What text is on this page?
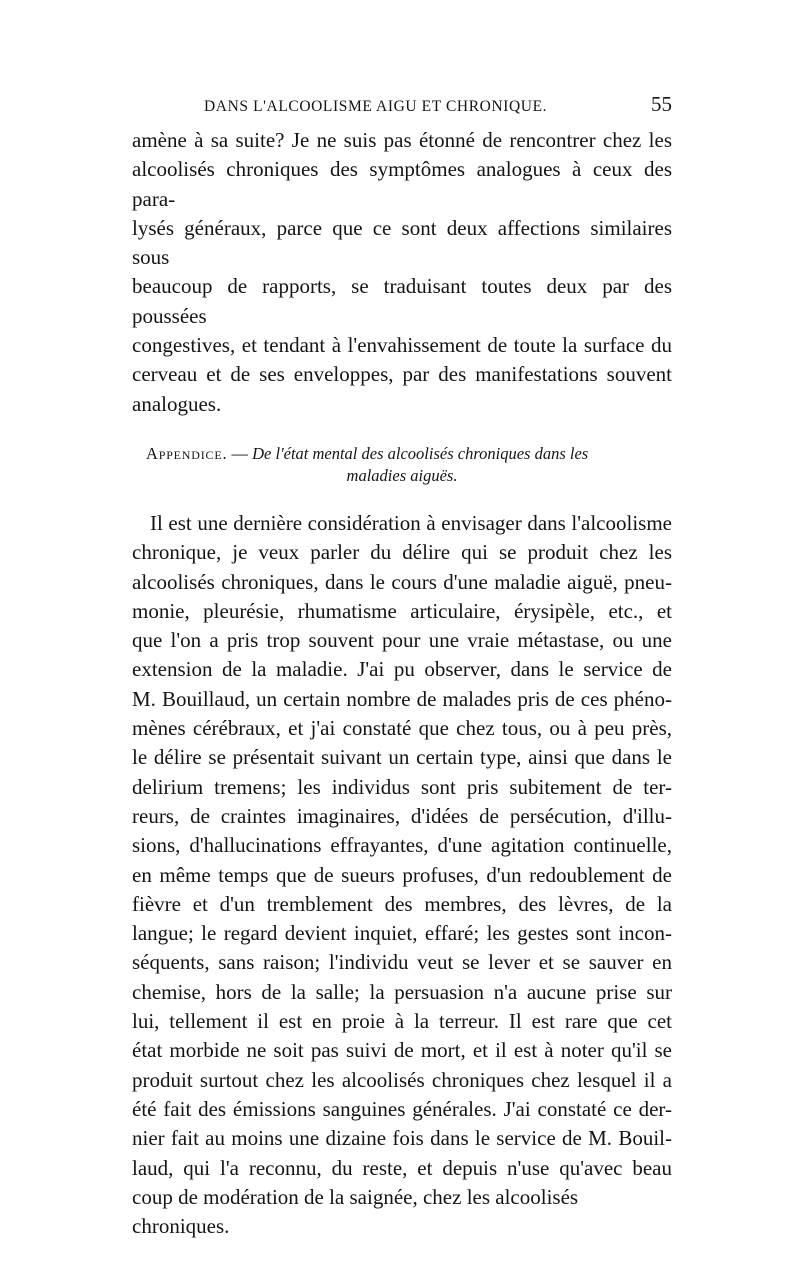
DANS L'ALCOOLISME AIGU ET CHRONIQUE.	55

amène à sa suite? Je ne suis pas étonné de rencontrer chez les
alcoolisés chroniques des symptômes analogues à ceux des para-
lysés généraux, parce que ce sont deux affections similaires sous
beaucoup de rapports, se traduisant toutes deux par des poussées
congestives, et tendant à l'envahissement de toute la surface du
cerveau et de ses enveloppes, par des manifestations souvent
analogues.

Appendice. — De l'état mental des alcoolisés chroniques dans les
maladies aiguës.

Il est une dernière considération à envisager dans l'alcoolisme
chronique, je veux parler du délire qui se produit chez les
alcoolisés chroniques, dans le cours d'une maladie aiguë, pneu-
monie, pleurésie, rhumatisme articulaire, érysipèle, etc., et
que l'on a pris trop souvent pour une vraie métastase, ou une
extension de la maladie. J'ai pu observer, dans le service de
M. Bouillaud, un certain nombre de malades pris de ces phéno-
mènes cérébraux, et j'ai constaté que chez tous, ou à peu près,
le délire se présentait suivant un certain type, ainsi que dans le
delirium tremens; les individus sont pris subitement de ter-
reurs, de craintes imaginaires, d'idées de persécution, d'illu-
sions, d'hallucinations effrayantes, d'une agitation continuelle,
en même temps que de sueurs profuses, d'un redoublement de
fièvre et d'un tremblement des membres, des lèvres, de la
langue; le regard devient inquiet, effaré; les gestes sont incon-
séquents, sans raison; l'individu veut se lever et se sauver en
chemise, hors de la salle; la persuasion n'a aucune prise sur
lui, tellement il est en proie à la terreur. Il est rare que cet
état morbide ne soit pas suivi de mort, et il est à noter qu'il se
produit surtout chez les alcoolisés chroniques chez lesquel il a
été fait des émissions sanguines générales. J'ai constaté ce der-
nier fait au moins une dizaine fois dans le service de M. Bouil-
laud, qui l'a reconnu, du reste, et depuis n'use qu'avec beau
coup de modération de la saignée, chez les alcoolisés chroniques.
